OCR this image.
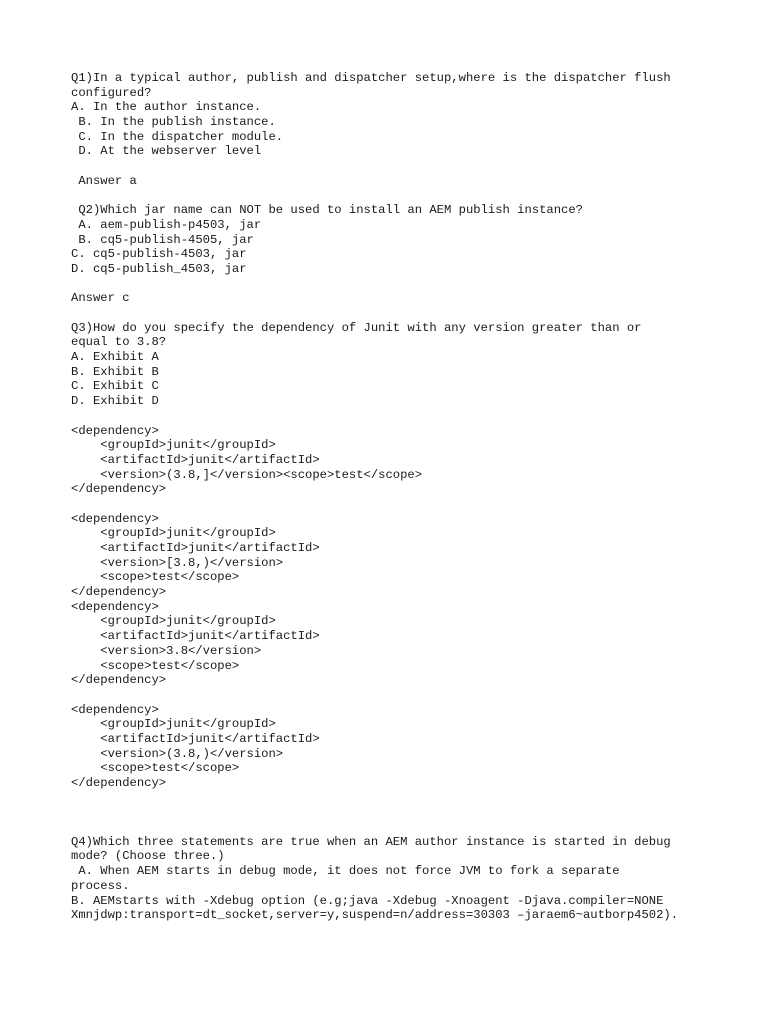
Q1)In a typical author, publish and dispatcher setup,where is the dispatcher flush
configured?
A. In the author instance.
B. In the publish instance.
C. In the dispatcher module.
D. At the webserver level
Answer a
Q2)Which jar name can NOT be used to install an AEM publish instance?
A. aem-publish-p4503, jar
B. cq5-publish-4505, jar
C. cq5-publish-4503, jar
D. cq5-publish_4503, jar
Answer c
Q3)How do you specify the dependency of Junit with any version greater than or
equal to 3.8?
A. Exhibit A
B. Exhibit B
C. Exhibit C
D. Exhibit D
<dependency>
<groupId>junit</groupId>
<artifactId>junit</artifactId>
<version>(3.8,]</version><scope>test</scope>
</dependency>
<dependency>
<groupId>junit</groupId>
<artifactId>junit</artifactId>
<version>[3.8,)</version>
<scope>test</scope>
</dependency>
<dependency>
<groupId>junit</groupId>
<artifactId>junit</artifactId>
<version>3.8</version>
<scope>test</scope>
</dependency>
<dependency>
<groupId>junit</groupId>
<artifactId>junit</artifactId>
<version>(3.8,)</version>
<scope>test</scope>
</dependency>
Q4)Which three statements are true when an AEM author instance is started in debug
mode? (Choose three.)
A. When AEM starts in debug mode, it does not force JVM to fork a separate
process.
B. AEMstarts with -Xdebug option (e.g;java -Xdebug -Xnoagent -Djava.compiler=NONE
Xmnjdwp:transport=dt_socket,server=y,suspend=n/address=30303 –jaraem6~autborp4502).
